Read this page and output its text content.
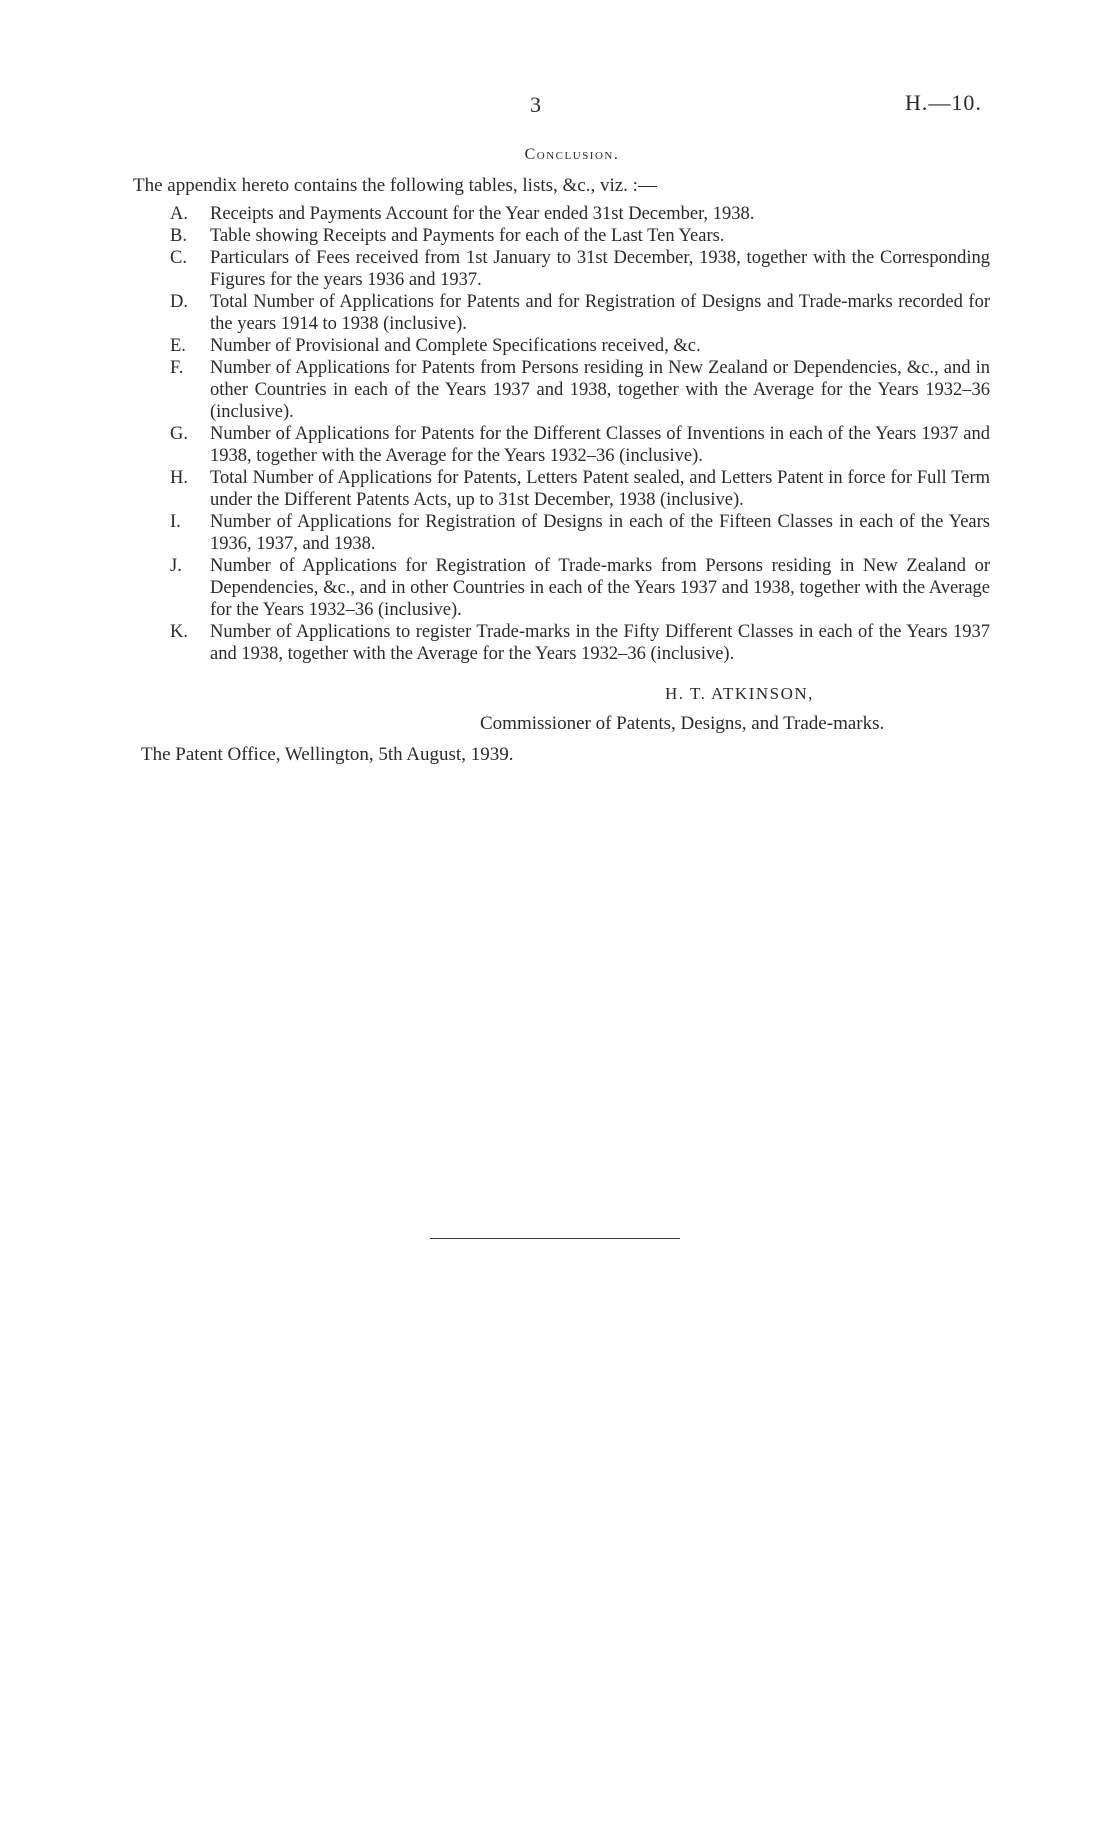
3	H.—10.
Conclusion.
The appendix hereto contains the following tables, lists, &c., viz. :—
A.	Receipts and Payments Account for the Year ended 31st December, 1938.
B.	Table showing Receipts and Payments for each of the Last Ten Years.
C.	Particulars of Fees received from 1st January to 31st December, 1938, together with the Corresponding Figures for the years 1936 and 1937.
D.	Total Number of Applications for Patents and for Registration of Designs and Trade-marks recorded for the years 1914 to 1938 (inclusive).
E.	Number of Provisional and Complete Specifications received, &c.
F.	Number of Applications for Patents from Persons residing in New Zealand or Dependencies, &c., and in other Countries in each of the Years 1937 and 1938, together with the Average for the Years 1932–36 (inclusive).
G.	Number of Applications for Patents for the Different Classes of Inventions in each of the Years 1937 and 1938, together with the Average for the Years 1932–36 (inclusive).
H.	Total Number of Applications for Patents, Letters Patent sealed, and Letters Patent in force for Full Term under the Different Patents Acts, up to 31st December, 1938 (inclusive).
I.	Number of Applications for Registration of Designs in each of the Fifteen Classes in each of the Years 1936, 1937, and 1938.
J.	Number of Applications for Registration of Trade-marks from Persons residing in New Zealand or Dependencies, &c., and in other Countries in each of the Years 1937 and 1938, together with the Average for the Years 1932–36 (inclusive).
K.	Number of Applications to register Trade-marks in the Fifty Different Classes in each of the Years 1937 and 1938, together with the Average for the Years 1932–36 (inclusive).
H. T. ATKINSON,
Commissioner of Patents, Designs, and Trade-marks.
The Patent Office, Wellington, 5th August, 1939.
